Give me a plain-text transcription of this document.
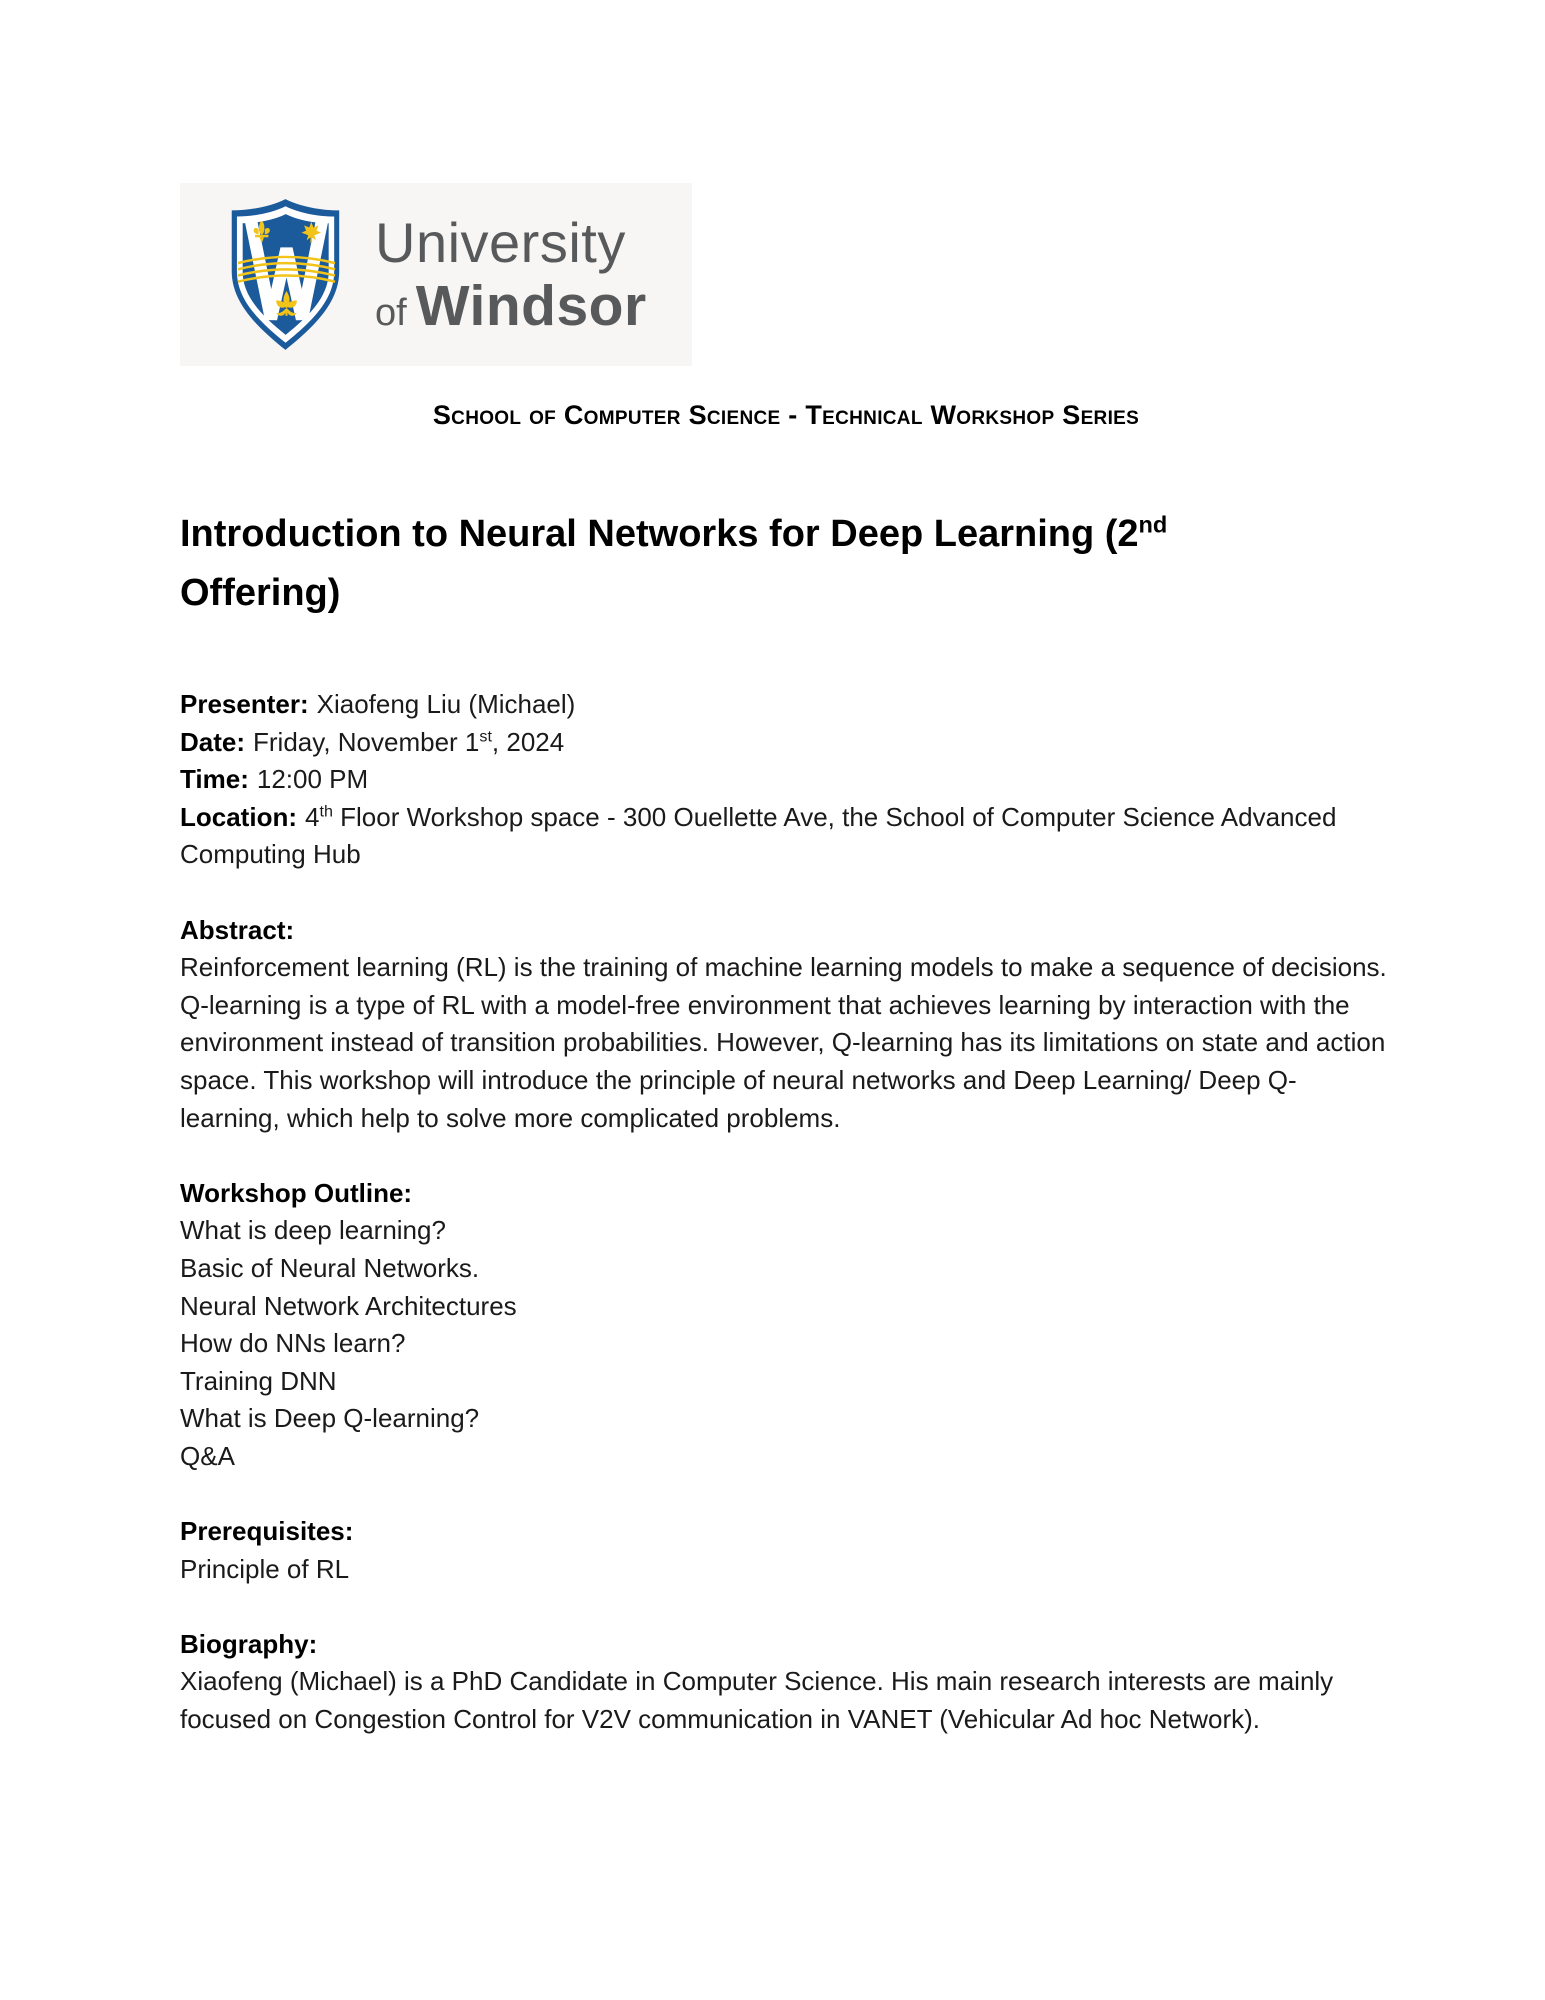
University
of Windsor
School of Computer Science - Technical Workshop Series
Introduction to Neural Networks for Deep Learning (2nd
Offering)
Presenter: Xiaofeng Liu (Michael)
Date: Friday, November 1st, 2024
Time: 12:00 PM
Location: 4th Floor Workshop space - 300 Ouellette Ave, the School of Computer Science Advanced Computing Hub

Abstract:

Reinforcement learning (RL) is the training of machine learning models to make a sequence of decisions. Q-learning is a type of RL with a model-free environment that achieves learning by interaction with the environment instead of transition probabilities. However, Q-learning has its limitations on state and action space. This workshop will introduce the principle of neural networks and Deep Learning/ Deep Q-learning, which help to solve more complicated problems.

Workshop Outline:

What is deep learning?
Basic of Neural Networks.
Neural Network Architectures
How do NNs learn?
Training DNN
What is Deep Q-learning?
Q&A

Prerequisites:

Principle of RL

Biography:

Xiaofeng (Michael) is a PhD Candidate in Computer Science. His main research interests are mainly focused on Congestion Control for V2V communication in VANET (Vehicular Ad hoc Network).
